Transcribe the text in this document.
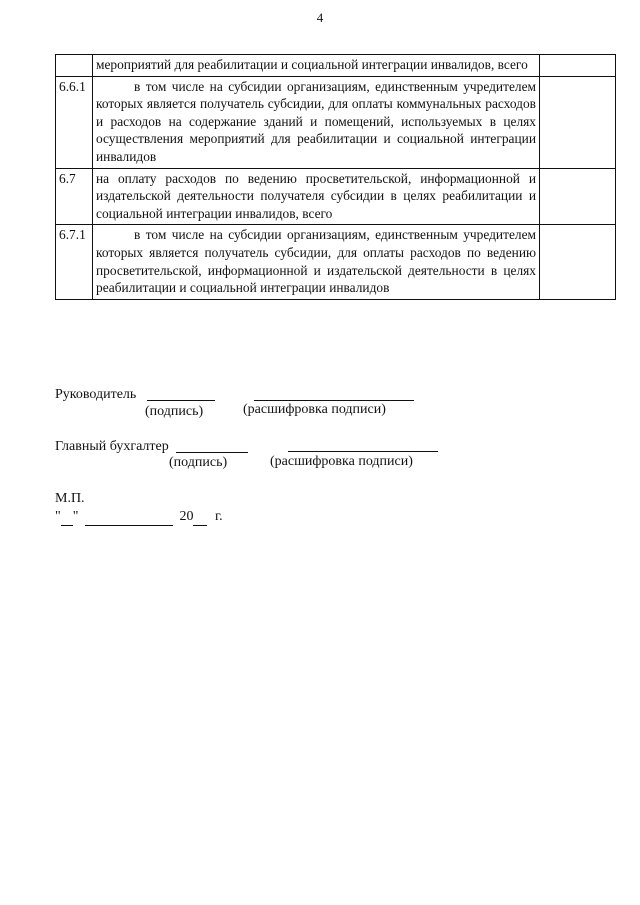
4
	мероприятий для реабилитации и социальной интеграции инвалидов, всего	
6.6.1	в том числе на субсидии организациям, единственным учредителем которых является получатель субсидии, для оплаты коммунальных расходов и расходов на содержание зданий и помещений, используемых в целях осуществления мероприятий для реабилитации и социальной интеграции инвалидов	
6.7	на оплату расходов по ведению просветительской, информационной и издательской деятельности получателя субсидии в целях реабилитации и социальной интеграции инвалидов, всего	
6.7.1	в том числе на субсидии организациям, единственным учредителем которых является получатель субсидии, для оплаты расходов по ведению просветительской, информационной и издательской деятельности в целях реабилитации и социальной интеграции инвалидов	
Руководитель
(подпись)	(расшифровка подписи)
Главный бухгалтер
(подпись)	(расшифровка подписи)
М.П.
" "	20 г.
